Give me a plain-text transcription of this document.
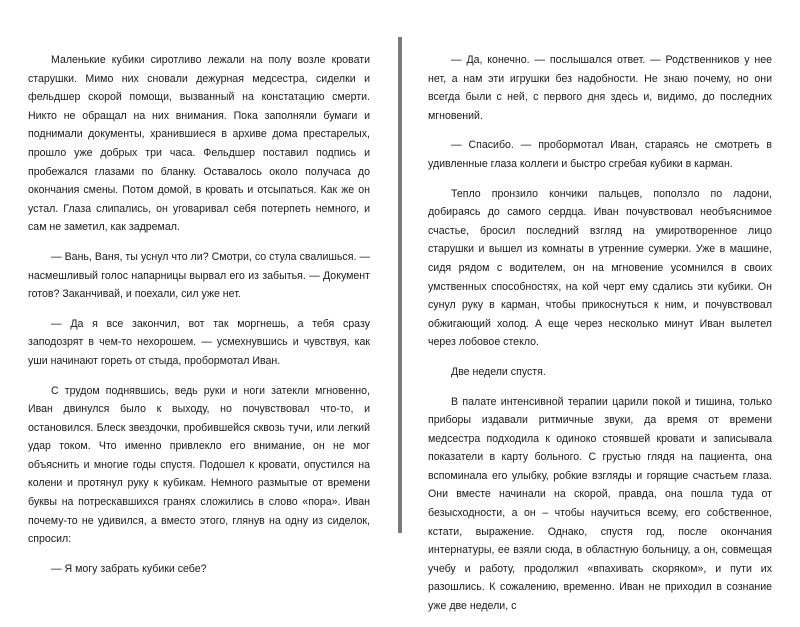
Маленькие кубики сиротливо лежали на полу возле кровати старушки. Мимо них сновали дежурная медсестра, сиделки и фельдшер скорой помощи, вызванный на констатацию смерти. Никто не обращал на них внимания. Пока заполняли бумаги и поднимали документы, хранившиеся в архиве дома престарелых, прошло уже добрых три часа. Фельдшер поставил подпись и пробежался глазами по бланку. Оставалось около получаса до окончания смены. Потом домой, в кровать и отсыпаться. Как же он устал. Глаза слипались, он уговаривал себя потерпеть немного, и сам не заметил, как задремал.

— Вань, Ваня, ты уснул что ли? Смотри, со стула свалишься. — насмешливый голос напарницы вырвал его из забытья. — Документ готов? Заканчивай, и поехали, сил уже нет.

— Да я все закончил, вот так моргнешь, а тебя сразу заподозрят в чем-то нехорошем. — усмехнувшись и чувствуя, как уши начинают гореть от стыда, пробормотал Иван.

С трудом поднявшись, ведь руки и ноги затекли мгновенно, Иван двинулся было к выходу, но почувствовал что-то, и остановился. Блеск звездочки, пробившейся сквозь тучи, или легкий удар током. Что именно привлекло его внимание, он не мог объяснить и многие годы спустя. Подошел к кровати, опустился на колени и протянул руку к кубикам. Немного размытые от времени буквы на потрескавшихся гранях сложились в слово «пора». Иван почему-то не удивился, а вместо этого, глянув на одну из сиделок, спросил:

— Я могу забрать кубики себе?

— Да, конечно. — послышался ответ. — Родственников у нее нет, а нам эти игрушки без надобности. Не знаю почему, но они всегда были с ней, с первого дня здесь и, видимо, до последних мгновений.

— Спасибо. — пробормотал Иван, стараясь не смотреть в удивленные глаза коллеги и быстро сгребая кубики в карман.

Тепло пронзило кончики пальцев, поползло по ладони, добираясь до самого сердца. Иван почувствовал необъяснимое счастье, бросил последний взгляд на умиротворенное лицо старушки и вышел из комнаты в утренние сумерки. Уже в машине, сидя рядом с водителем, он на мгновение усомнился в своих умственных способностях, на кой черт ему сдались эти кубики. Он сунул руку в карман, чтобы прикоснуться к ним, и почувствовал обжигающий холод. А еще через несколько минут Иван вылетел через лобовое стекло.

Две недели спустя.

В палате интенсивной терапии царили покой и тишина, только приборы издавали ритмичные звуки, да время от времени медсестра подходила к одиноко стоявшей кровати и записывала показатели в карту больного. С грустью глядя на пациента, она вспоминала его улыбку, робкие взгляды и горящие счастьем глаза. Они вместе начинали на скорой, правда, она пошла туда от безысходности, а он – чтобы научиться всему, его собственное, кстати, выражение. Однако, спустя год, после окончания интернатуры, ее взяли сюда, в областную больницу, а он, совмещая учебу и работу, продолжил «впахивать скоряком», и пути их разошлись. К сожалению, временно. Иван не приходил в сознание уже две недели, с
